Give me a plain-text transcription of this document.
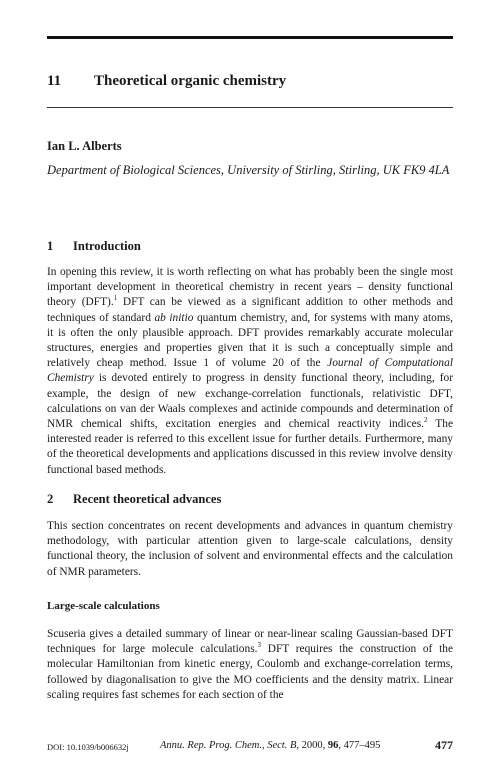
11 Theoretical organic chemistry
Ian L. Alberts
Department of Biological Sciences, University of Stirling, Stirling, UK FK9 4LA
1 Introduction
In opening this review, it is worth reflecting on what has probably been the single most important development in theoretical chemistry in recent years – density functional theory (DFT).$^1$ DFT can be viewed as a significant addition to other methods and techniques of standard ab initio quantum chemistry, and, for systems with many atoms, it is often the only plausible approach. DFT provides remarkably accurate molecular structures, energies and properties given that it is such a conceptually simple and relatively cheap method. Issue 1 of volume 20 of the Journal of Computational Chemistry is devoted entirely to progress in density functional theory, including, for example, the design of new exchange-correlation functionals, relativistic DFT, calculations on van der Waals complexes and actinide compounds and determination of NMR chemical shifts, excitation energies and chemical reactivity indices.$^2$ The interested reader is referred to this excellent issue for further details. Furthermore, many of the theoretical developments and applications discussed in this review involve density functional based methods.
2 Recent theoretical advances
This section concentrates on recent developments and advances in quantum chemistry methodology, with particular attention given to large-scale calculations, density functional theory, the inclusion of solvent and environmental effects and the calculation of NMR parameters.
Large-scale calculations
Scuseria gives a detailed summary of linear or near-linear scaling Gaussian-based DFT techniques for large molecule calculations.$^3$ DFT requires the construction of the molecular Hamiltonian from kinetic energy, Coulomb and exchange-correlation terms, followed by diagonalisation to give the MO coefficients and the density matrix. Linear scaling requires fast schemes for each section of the
DOI: 10.1039/b006632j	Annu. Rep. Prog. Chem., Sect. B, 2000, 96, 477–495	477
